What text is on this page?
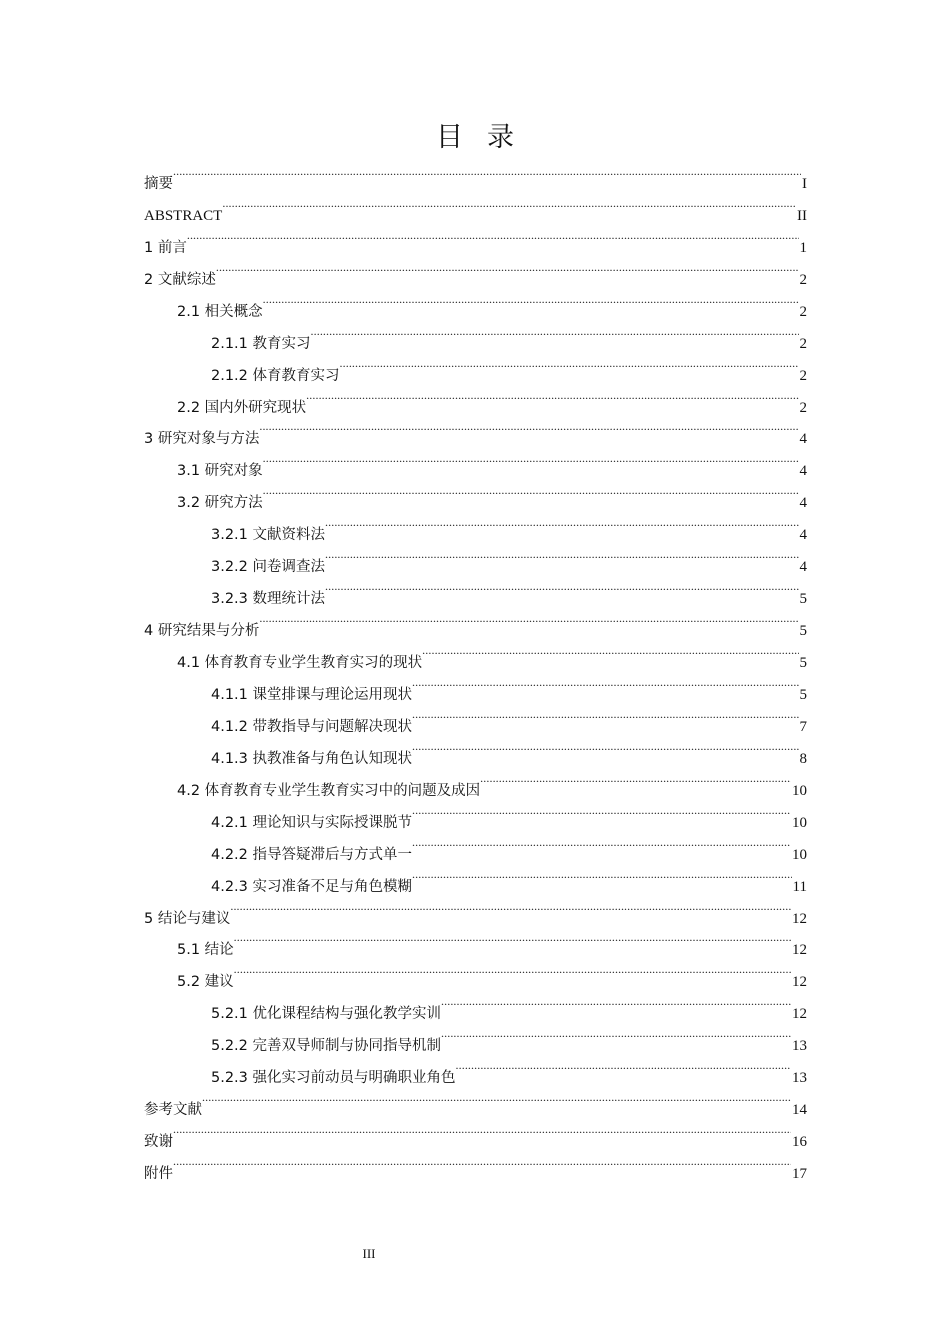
目 录
摘要 .....	I
ABSTRACT .....	II
1 前言 .....	1
2 文献综述 .....	2
2.1 相关概念 .....	2
2.1.1 教育实习 .....	2
2.1.2 体育教育实习 .....	2
2.2 国内外研究现状 .....	2
3 研究对象与方法 .....	4
3.1 研究对象 .....	4
3.2 研究方法 .....	4
3.2.1 文献资料法 .....	4
3.2.2 问卷调查法 .....	4
3.2.3 数理统计法 .....	5
4 研究结果与分析 .....	5
4.1 体育教育专业学生教育实习的现状 .....	5
4.1.1 课堂排课与理论运用现状 .....	5
4.1.2 带教指导与问题解决现状 .....	7
4.1.3 执教准备与角色认知现状 .....	8
4.2 体育教育专业学生教育实习中的问题及成因 .....	10
4.2.1 理论知识与实际授课脱节 .....	10
4.2.2 指导答疑滞后与方式单一 .....	10
4.2.3 实习准备不足与角色模糊 .....	11
5 结论与建议 .....	12
5.1 结论 .....	12
5.2 建议 .....	12
5.2.1 优化课程结构与强化教学实训 .....	12
5.2.2 完善双导师制与协同指导机制 .....	13
5.2.3 强化实习前动员与明确职业角色 .....	13
参考文献 .....	14
致谢 .....	16
附件 .....	17
III
